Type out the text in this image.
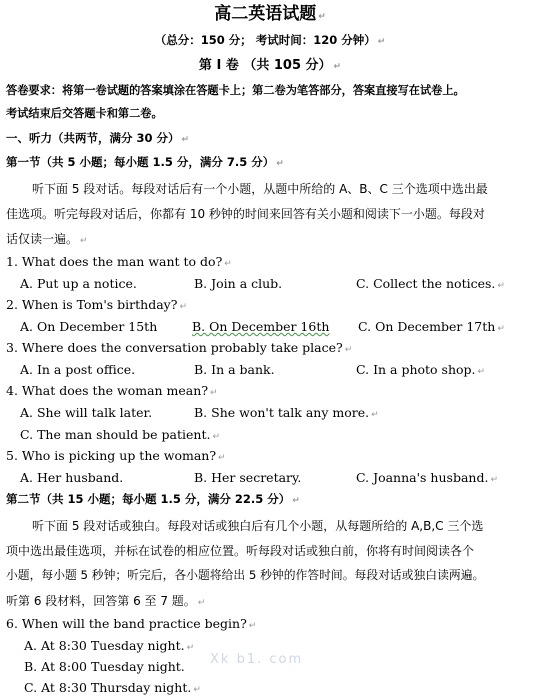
高二英语试题 ↵
（总分：150 分； 考试时间：120 分钟） ↵
第 I 卷 （共 105 分） ↵
答卷要求：将第一卷试题的答案填涂在答题卡上；第二卷为笔答部分，答案直接写在试卷上。
考试结束后交答题卡和第二卷。
一、听力（共两节，满分 30 分） ↵
第一节（共 5 小题；每小题 1.5 分，满分 7.5 分） ↵
听下面 5 段对话。每段对话后有一个小题，从题中所给的 A、B、C 三个选项中选出最
佳选项。听完每段对话后，你都有 10 秒钟的时间来回答有关小题和阅读下一小题。每段对
话仅读一遍。 ↵
1. What does the man want to do? ↵
A. Put up a notice.	B. Join a club.	C. Collect the notices. ↵
2. When is Tom's birthday? ↵
A. On December 15th	B. On December 16th C. On December 17th ↵
3. Where does the conversation probably take place? ↵
A. In a post office.	B. In a bank.	C. In a photo shop. ↵
4. What does the woman mean? ↵
A. She will talk later.	B. She won't talk any more. ↵
C. The man should be patient. ↵
5. Who is picking up the woman? ↵
A. Her husband.	B. Her secretary.	C. Joanna's husband. ↵
第二节（共 15 小题；每小题 1.5 分，满分 22.5 分） ↵
听下面 5 段对话或独白。每段对话或独白后有几个小题，从每题所给的 A,B,C 三个选
项中选出最佳选项，并标在试卷的相应位置。听每段对话或独白前，你将有时间阅读各个
小题，每小题 5 秒钟；听完后，各小题将给出 5 秒钟的作答时间。每段对话或独白读两遍。
听第 6 段材料，回答第 6 至 7 题。 ↵
6. When will the band practice begin? ↵
A. At 8:30 Tuesday night. ↵
B. At 8:00 Tuesday night.
C. At 8:30 Thursday night. ↵
Xk b1. com
